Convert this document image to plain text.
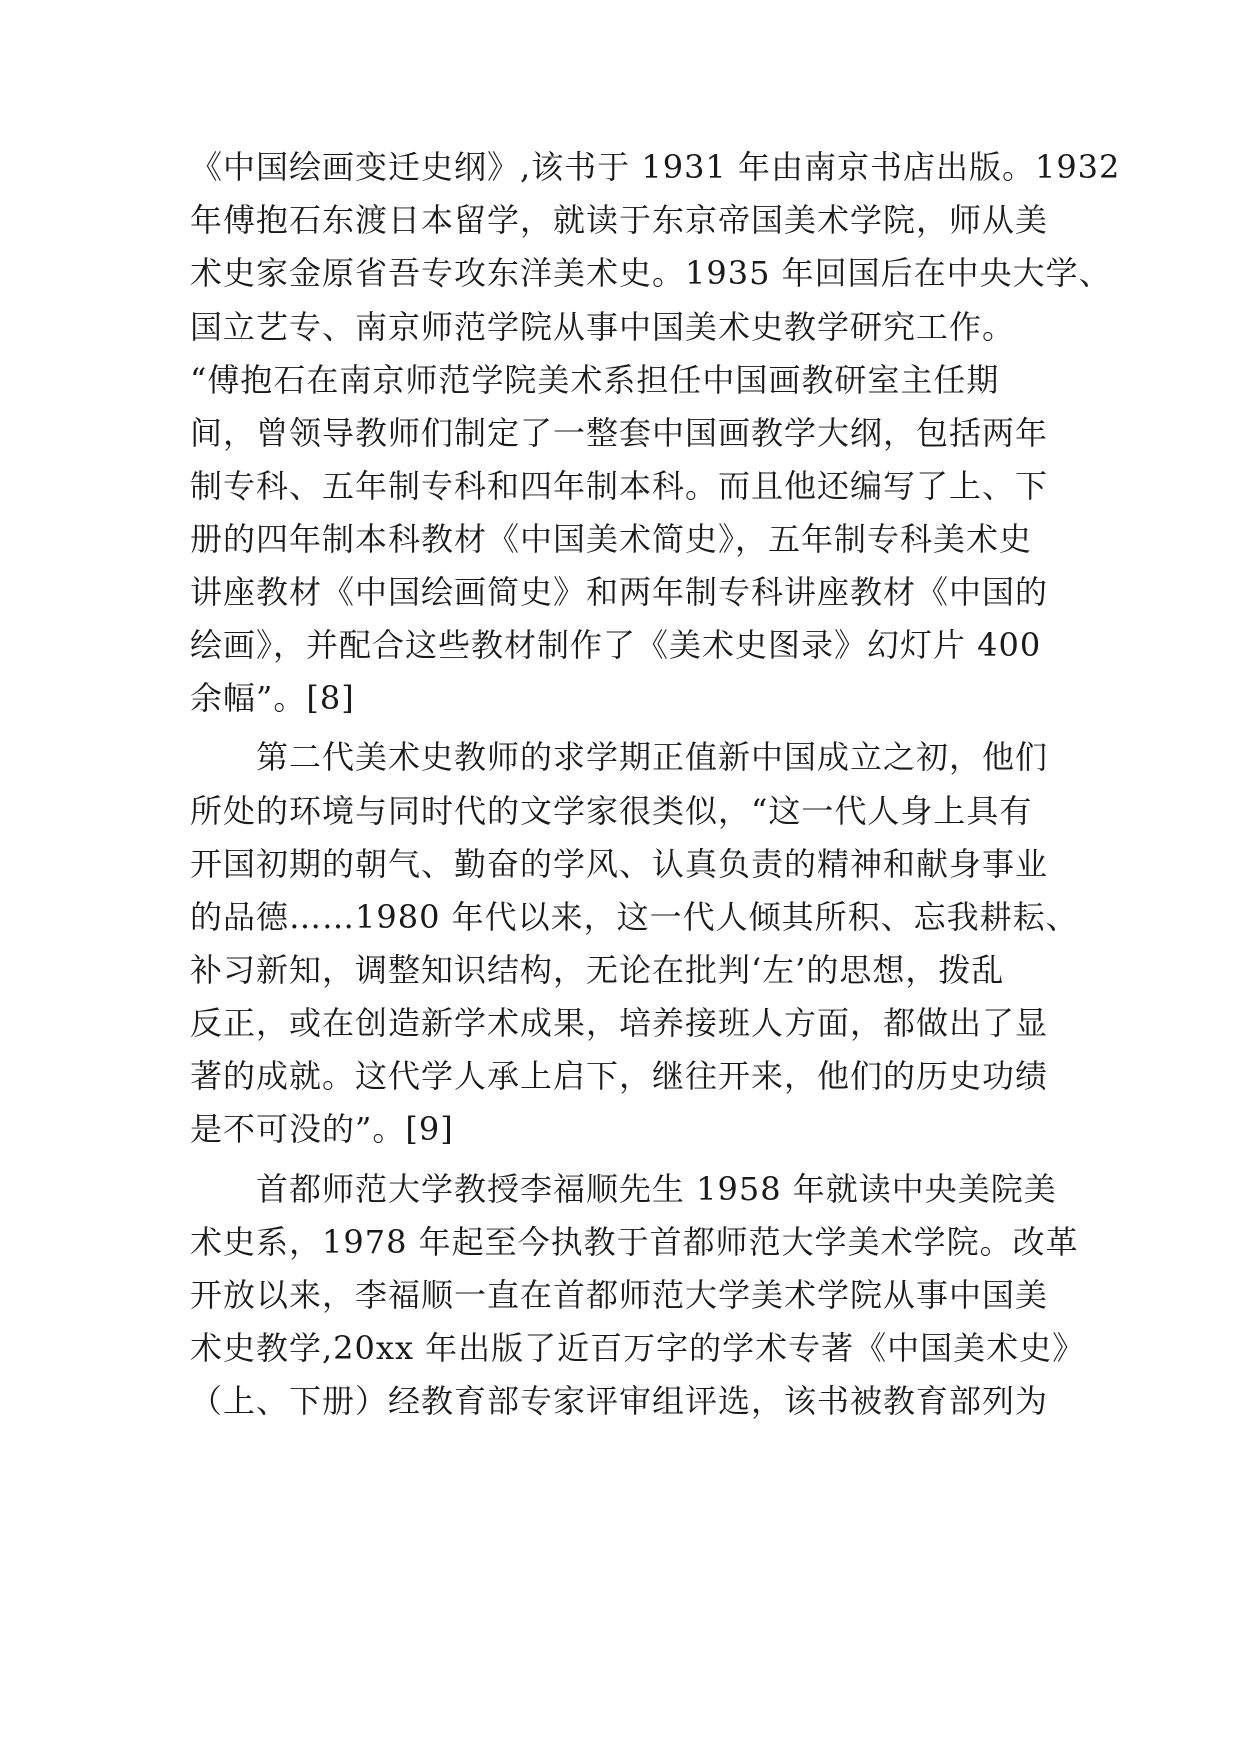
《中国绘画变迁史纲》,该书于 1931 年由南京书店出版。1932
年傅抱石东渡日本留学，就读于东京帝国美术学院，师从美
术史家金原省吾专攻东洋美术史。1935 年回国后在中央大学、
国立艺专、南京师范学院从事中国美术史教学研究工作。
“傅抱石在南京师范学院美术系担任中国画教研室主任期
间，曾领导教师们制定了一整套中国画教学大纲，包括两年
制专科、五年制专科和四年制本科。而且他还编写了上、下
册的四年制本科教材《中国美术简史》，五年制专科美术史
讲座教材《中国绘画简史》和两年制专科讲座教材《中国的
绘画》，并配合这些教材制作了《美术史图录》幻灯片 400
余幅”。[8]
第二代美术史教师的求学期正值新中国成立之初，他们
所处的环境与同时代的文学家很类似，“这一代人身上具有
开国初期的朝气、勤奋的学风、认真负责的精神和献身事业
的品德……1980 年代以来，这一代人倾其所积、忘我耕耘、
补习新知，调整知识结构，无论在批判‘左’的思想，拨乱
反正，或在创造新学术成果，培养接班人方面，都做出了显
著的成就。这代学人承上启下，继往开来，他们的历史功绩
是不可没的”。[9]
首都师范大学教授李福顺先生 1958 年就读中央美院美
术史系，1978 年起至今执教于首都师范大学美术学院。改革
开放以来，李福顺一直在首都师范大学美术学院从事中国美
术史教学,20xx 年出版了近百万字的学术专著《中国美术史》
（上、下册）经教育部专家评审组评选，该书被教育部列为
